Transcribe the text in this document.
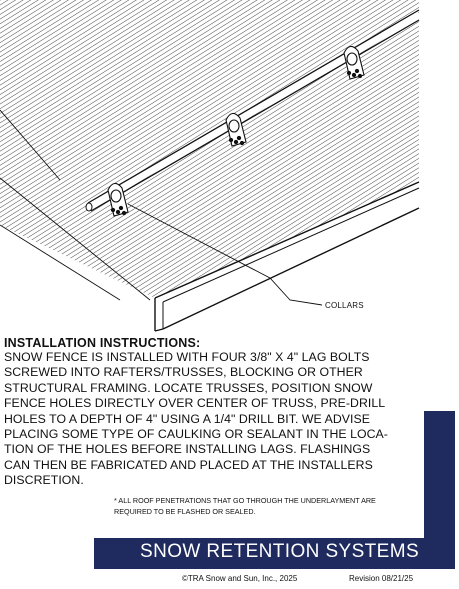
COLLARS
INSTALLATION INSTRUCTIONS:
SNOW FENCE IS INSTALLED WITH FOUR 3/8" X 4" LAG BOLTS
SCREWED INTO RAFTERS/TRUSSES, BLOCKING OR OTHER
STRUCTURAL FRAMING. LOCATE TRUSSES, POSITION SNOW
FENCE HOLES DIRECTLY OVER CENTER OF TRUSS, PRE-DRILL
HOLES TO A DEPTH OF 4" USING A 1/4" DRILL BIT. WE ADVISE
PLACING SOME TYPE OF CAULKING OR SEALANT IN THE LOCA-
TION OF THE HOLES BEFORE INSTALLING LAGS. FLASHINGS
CAN THEN BE FABRICATED AND PLACED AT THE INSTALLERS
DISCRETION.
* ALL ROOF PENETRATIONS THAT GO THROUGH THE UNDERLAYMENT ARE
REQUIRED TO BE FLASHED OR SEALED.
SNOW RETENTION SYSTEMS
©TRA Snow and Sun, Inc., 2025	Revision 08/21/25
